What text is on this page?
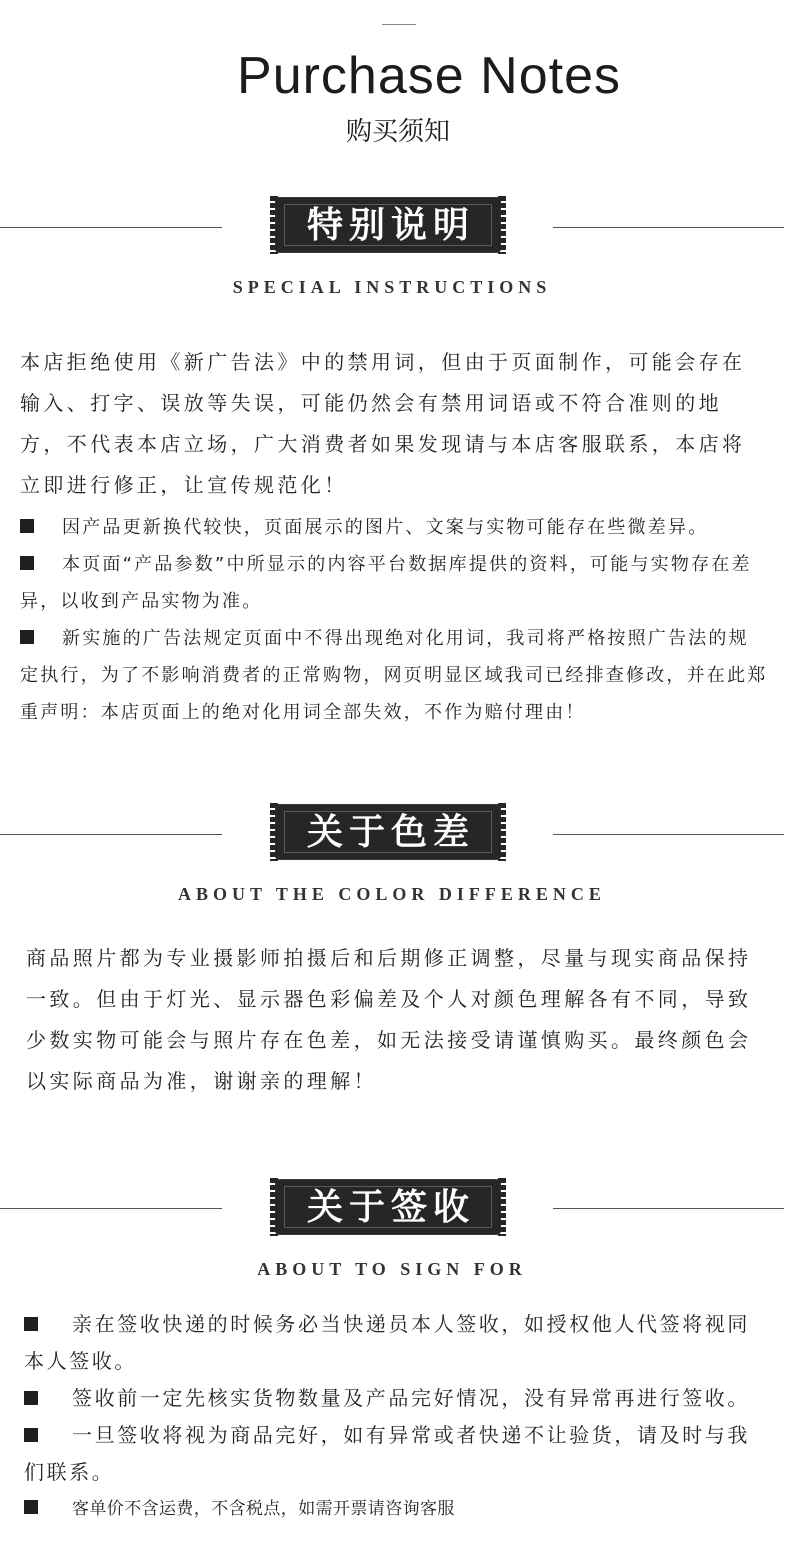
Purchase Notes
购买须知
特别说明
SPECIAL INSTRUCTIONS

本店拒绝使用《新广告法》中的禁用词，但由于页面制作，可能会存在输入、打字、误放等失误，可能仍然会有禁用词语或不符合准则的地方，不代表本店立场，广大消费者如果发现请与本店客服联系，本店将立即进行修正，让宣传规范化！

因产品更新换代较快，页面展示的图片、文案与实物可能存在些微差异。
本页面“产品参数”中所显示的内容平台数据库提供的资料，可能与实物存在差异，以收到产品实物为准。
新实施的广告法规定页面中不得出现绝对化用词，我司将严格按照广告法的规定执行，为了不影响消费者的正常购物，网页明显区域我司已经排查修改，并在此郑重声明：本店页面上的绝对化用词全部失效，不作为赔付理由！
关于色差
ABOUT THE COLOR DIFFERENCE

商品照片都为专业摄影师拍摄后和后期修正调整，尽量与现实商品保持一致。但由于灯光、显示器色彩偏差及个人对颜色理解各有不同，导致少数实物可能会与照片存在色差，如无法接受请谨慎购买。最终颜色会以实际商品为准，谢谢亲的理解！

关于签收
ABOUT TO SIGN FOR
亲在签收快递的时候务必当快递员本人签收，如授权他人代签将视同本人签收。
签收前一定先核实货物数量及产品完好情况，没有异常再进行签收。
一旦签收将视为商品完好，如有异常或者快递不让验货，请及时与我们联系。
客单价不含运费，不含税点，如需开票请咨询客服
